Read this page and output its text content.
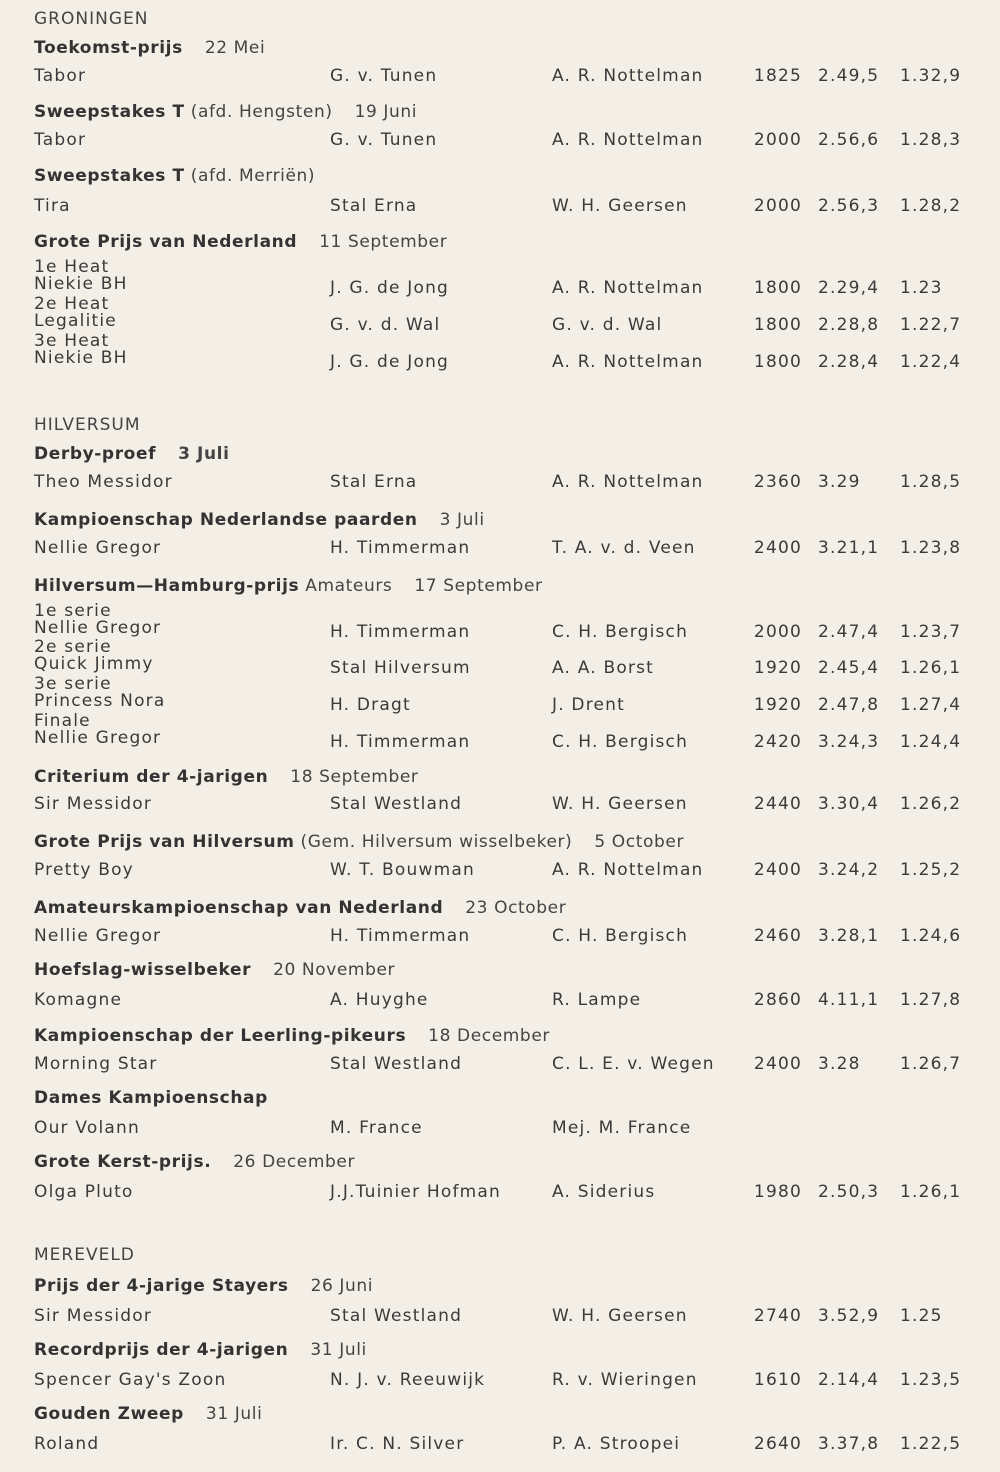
GRONINGEN
Toekomst-prijs 22 Mei
Tabor	G. v. Tunen	A. R. Nottelman	1825 2.49,5 1.32,9
Sweepstakes T (afd. Hengsten) 19 Juni
Tabor	G. v. Tunen	A. R. Nottelman	2000 2.56,6 1.28,3
Sweepstakes T (afd. Merriën)
Tira	Stal Erna	W. H. Geersen	2000 2.56,3 1.28,2
Grote Prijs van Nederland 11 September
1e Heat
Niekie BH	J. G. de Jong	A. R. Nottelman	1800 2.29,4 1.23
2e Heat
Legalitie	G. v. d. Wal	G. v. d. Wal	1800 2.28,8 1.22,7
3e Heat
Niekie BH	J. G. de Jong	A. R. Nottelman	1800 2.28,4 1.22,4
HILVERSUM
Derby-proef 3 Juli
Theo Messidor	Stal Erna	A. R. Nottelman	2360 3.29 1.28,5
Kampioenschap Nederlandse paarden 3 Juli
Nellie Gregor	H. Timmerman	T. A. v. d. Veen	2400 3.21,1 1.23,8
Hilversum—Hamburg-prijs Amateurs 17 September
1e serie
Nellie Gregor	H. Timmerman	C. H. Bergisch	2000 2.47,4 1.23,7
2e serie
Quick Jimmy	Stal Hilversum	A. A. Borst	1920 2.45,4 1.26,1
3e serie
Princess Nora	H. Dragt	J. Drent	1920 2.47,8 1.27,4
Finale
Nellie Gregor	H. Timmerman	C. H. Bergisch	2420 3.24,3 1.24,4
Criterium der 4-jarigen 18 September
Sir Messidor	Stal Westland	W. H. Geersen	2440 3.30,4 1.26,2
Grote Prijs van Hilversum (Gem. Hilversum wisselbeker) 5 October
Pretty Boy	W. T. Bouwman	A. R. Nottelman	2400 3.24,2 1.25,2
Amateurskampioenschap van Nederland 23 October
Nellie Gregor	H. Timmerman	C. H. Bergisch	2460 3.28,1 1.24,6
Hoefslag-wisselbeker 20 November
Komagne	A. Huyghe	R. Lampe	2860 4.11,1 1.27,8
Kampioenschap der Leerling-pikeurs 18 December
Morning Star	Stal Westland	C. L. E. v. Wegen 2400 3.28 1.26,7
Dames Kampioenschap
Our Volann	M. France	Mej. M. France
Grote Kerst-prijs. 26 December
Olga Pluto	J.J.Tuinier Hofman	A. Siderius	1980 2.50,3 1.26,1
MEREVELD
Prijs der 4-jarige Stayers 26 Juni
Sir Messidor	Stal Westland	W. H. Geersen	2740 3.52,9 1.25
Recordprijs der 4-jarigen 31 Juli
Spencer Gay's Zoon	N. J. v. Reeuwijk	R. v. Wieringen	1610 2.14,4 1.23,5
Gouden Zweep 31 Juli
Roland	Ir. C. N. Silver	P. A. Stroopei	2640 3.37,8 1.22,5
